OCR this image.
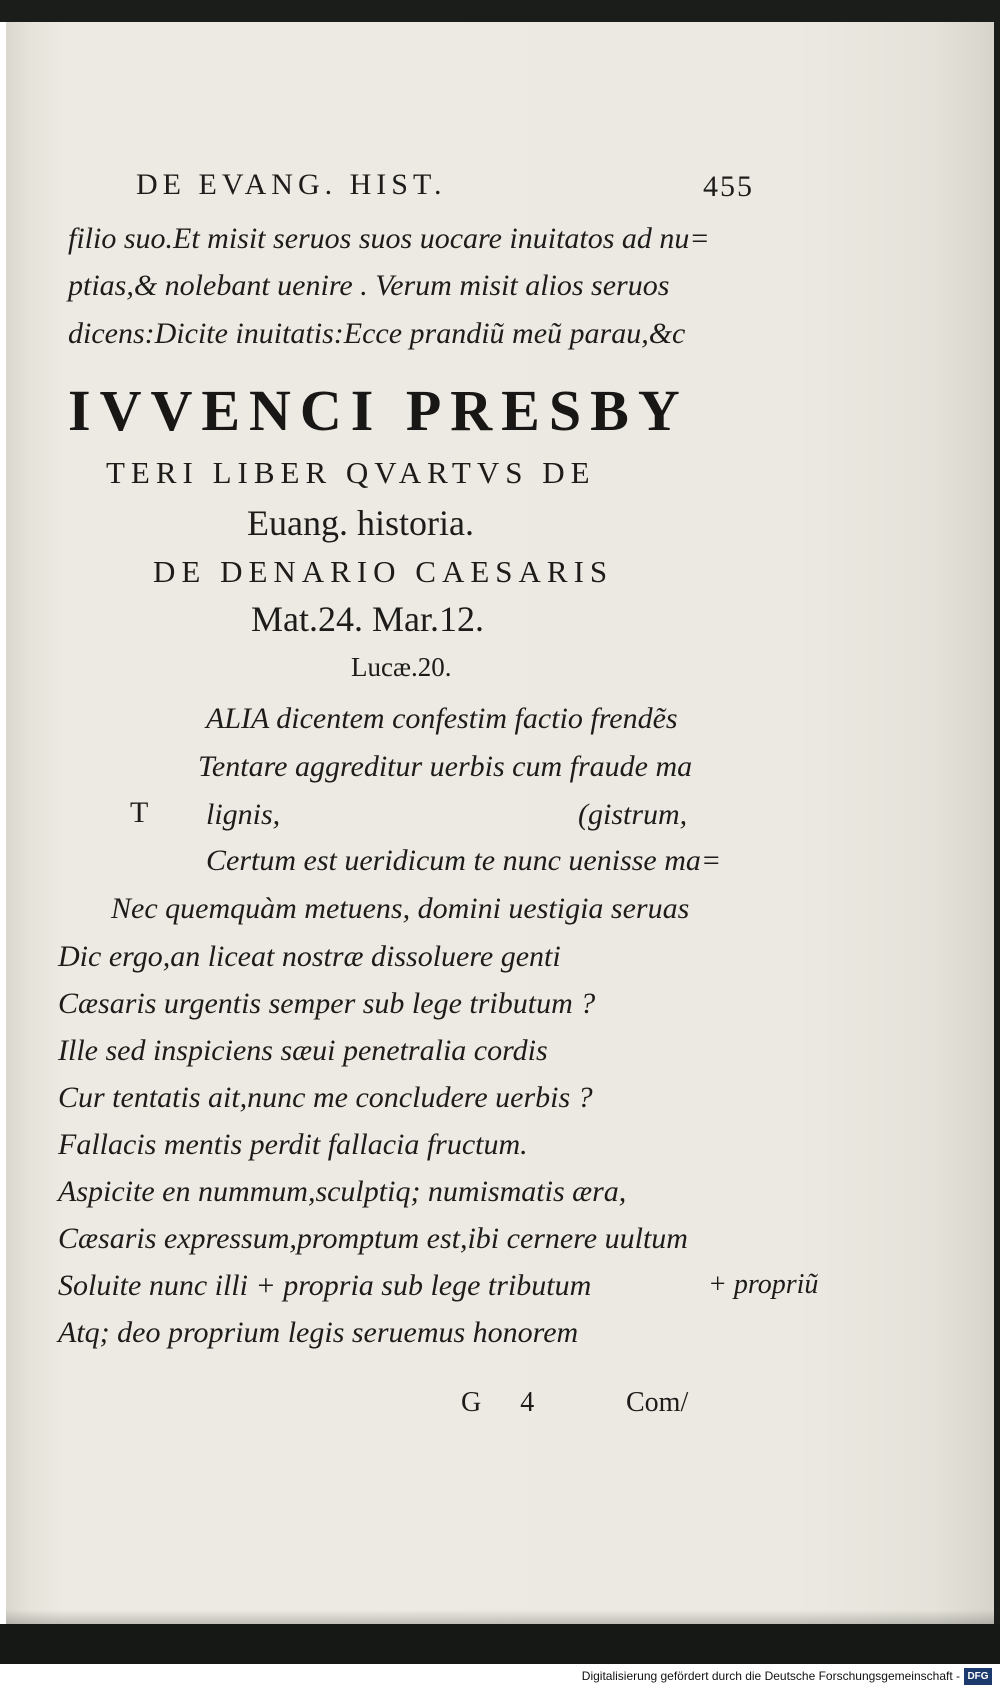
DE EVANG. HIST.	455
filio suo.Et misit seruos suos uocare inuitatos ad nu=
ptias,& nolebant uenire . Verum misit alios seruos
dicens:Dicite inuitatis:Ecce prandiũ meũ parau,&c
IVVENCI PRESBY
TERI LIBER QVARTVS DE
Euang. historia.
DE DENARIO CAESARIS
Mat.24. Mar.12.
Lucæ.20.
ALIA dicentem confestim factio frendẽs
Tentare aggreditur uerbis cum fraude ma
T lignis,	(gistrum,
Certum est ueridicum te nunc uenisse ma=
Nec quemquàm metuens, domini uestigia seruas
Dic ergo,an liceat nostræ dissoluere genti
Cæsaris urgentis semper sub lege tributum ?
Ille sed inspiciens sæui penetralia cordis
Cur tentatis ait,nunc me concludere uerbis ?
Fallacis mentis perdit fallacia fructum.
Aspicite en nummum,sculptiq; numismatis æra,
Cæsaris expressum,promptum est,ibi cernere uultum
Soluite nunc illi + propria sub lege tributum	+ propriũ
Atq; deo proprium legis seruemus honorem
G 4	Com/
Digitalisierung gefördert durch die Deutsche Forschungsgemeinschaft - DFG
